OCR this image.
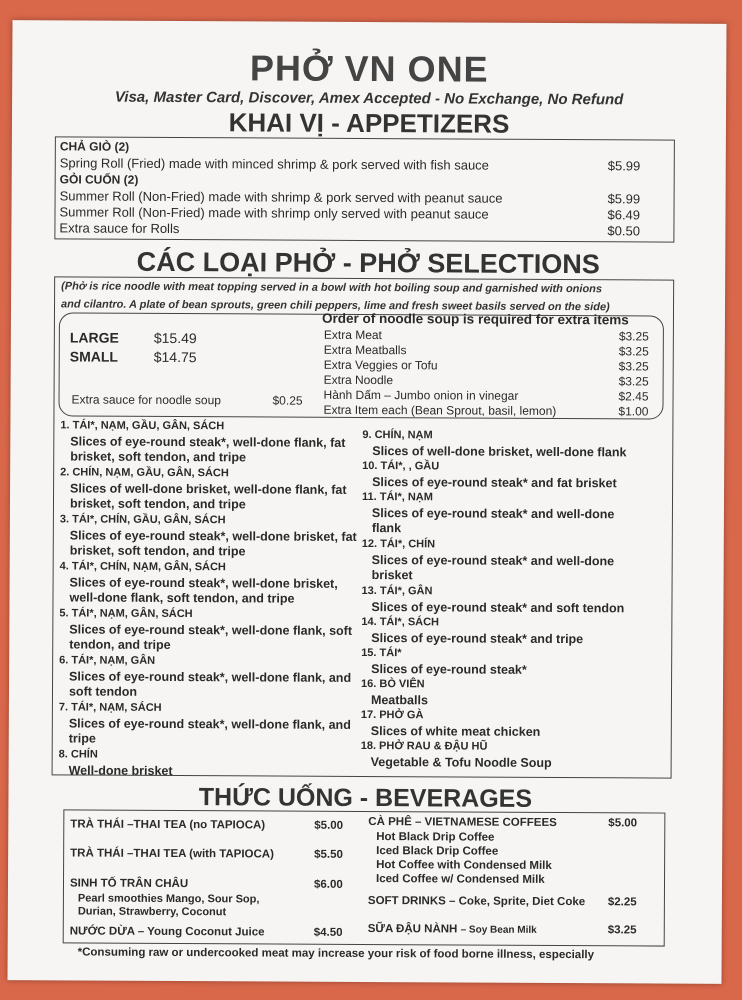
PHỞ VN ONE
Visa, Master Card, Discover, Amex Accepted - No Exchange, No Refund
KHAI VỊ - APPETIZERS
CHẢ GIÒ (2)
Spring Roll (Fried) made with minced shrimp & pork served with fish sauce	$5.99
GỎI CUỐN (2)
Summer Roll (Non-Fried) made with shrimp & pork served with peanut sauce	$5.99
Summer Roll (Non-Fried) made with shrimp only served with peanut sauce	$6.49
Extra sauce for Rolls	$0.50
CÁC LOẠI PHỞ - PHỞ SELECTIONS
(Phở is rice noodle with meat topping served in a bowl with hot boiling soup and garnished with onions
and cilantro. A plate of bean sprouts, green chili peppers, lime and fresh sweet basils served on the side)
LARGE $15.49
SMALL	$14.75
Extra sauce for noodle soup	$0.25
Order of noodle soup is required for extra items
Extra Meat	$3.25
Extra Meatballs	$3.25
Extra Veggies or Tofu	$3.25
Extra Noodle	$3.25
Hành Dấm – Jumbo onion in vinegar	$2.45
Extra Item each (Bean Sprout, basil, lemon)	$1.00
1. TÁI*, NẠM, GẦU, GÂN, SÁCH
Slices of eye-round steak*, well-done flank, fat brisket, soft tendon, and tripe
2. CHÍN, NẠM, GẦU, GÂN, SÁCH
Slices of well-done brisket, well-done flank, fat brisket, soft tendon, and tripe
3. TÁI*, CHÍN, GẦU, GÂN, SÁCH
Slices of eye-round steak*, well-done brisket, fat brisket, soft tendon, and tripe
4. TÁI*, CHÍN, NẠM, GÂN, SÁCH
Slices of eye-round steak*, well-done brisket, well-done flank, soft tendon, and tripe
5. TÁI*, NẠM, GÂN, SÁCH
Slices of eye-round steak*, well-done flank, soft tendon, and tripe
6. TÁI*, NẠM, GÂN
Slices of eye-round steak*, well-done flank, and soft tendon
7. TÁI*, NẠM, SÁCH
Slices of eye-round steak*, well-done flank, and tripe
8. CHÍN
Well-done brisket
9. CHÍN, NẠM
Slices of well-done brisket, well-done flank
10. TÁI*, , GẦU
Slices of eye-round steak* and fat brisket
11. TÁI*, NẠM
Slices of eye-round steak* and well-done flank
12. TÁI*, CHÍN
Slices of eye-round steak* and well-done brisket
13. TÁI*, GÂN
Slices of eye-round steak* and soft tendon
14. TÁI*, SÁCH
Slices of eye-round steak* and tripe
15. TÁI*
Slices of eye-round steak*
16. BÒ VIÊN
Meatballs
17. PHỞ GÀ
Slices of white meat chicken
18. PHỞ RAU & ĐẬU HŨ
Vegetable & Tofu Noodle Soup
THỨC UỐNG - BEVERAGES
TRÀ THÁI –THAI TEA (no TAPIOCA)	$5.00
TRÀ THÁI –THAI TEA (with TAPIOCA)	$5.50
SINH TỐ TRÂN CHÂU	$6.00
Pearl smoothies Mango, Sour Sop,
Durian, Strawberry, Coconut
NƯỚC DỪA – Young Coconut Juice	$4.50
CÀ PHÊ – VIETNAMESE COFFEES	$5.00
Hot Black Drip Coffee
Iced Black Drip Coffee
Hot Coffee with Condensed Milk
Iced Coffee w/ Condensed Milk
SOFT DRINKS – Coke, Sprite, Diet Coke $2.25
SỮA ĐẬU NÀNH – Soy Bean Milk	$3.25
*Consuming raw or undercooked meat may increase your risk of food borne illness, especially
